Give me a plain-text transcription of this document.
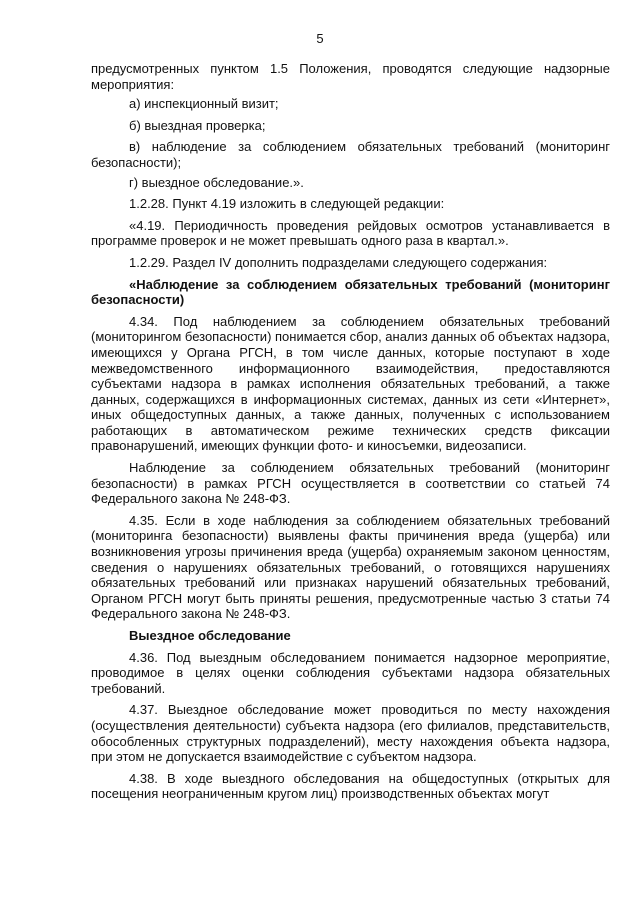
5

предусмотренных пунктом 1.5 Положения, проводятся следующие надзорные мероприятия:

а) инспекционный визит;

б) выездная проверка;

в) наблюдение за соблюдением обязательных требований (мониторинг безопасности);

г) выездное обследование.».

1.2.28. Пункт 4.19 изложить в следующей редакции:

«4.19. Периодичность проведения рейдовых осмотров устанавливается в программе проверок и не может превышать одного раза в квартал.».

1.2.29. Раздел IV дополнить подразделами следующего содержания:

«Наблюдение за соблюдением обязательных требований (мониторинг безопасности)

4.34. Под наблюдением за соблюдением обязательных требований (мониторингом безопасности) понимается сбор, анализ данных об объектах надзора, имеющихся у Органа РГСН, в том числе данных, которые поступают в ходе межведомственного информационного взаимодействия, предоставляются субъектами надзора в рамках исполнения обязательных требований, а также данных, содержащихся в информационных системах, данных из сети «Интернет», иных общедоступных данных, а также данных, полученных с использованием работающих в автоматическом режиме технических средств фиксации правонарушений, имеющих функции фото- и киносъемки, видеозаписи.

Наблюдение за соблюдением обязательных требований (мониторинг безопасности) в рамках РГСН осуществляется в соответствии со статьей 74 Федерального закона № 248-ФЗ.

4.35. Если в ходе наблюдения за соблюдением обязательных требований (мониторинга безопасности) выявлены факты причинения вреда (ущерба) или возникновения угрозы причинения вреда (ущерба) охраняемым законом ценностям, сведения о нарушениях обязательных требований, о готовящихся нарушениях обязательных требований или признаках нарушений обязательных требований, Органом РГСН могут быть приняты решения, предусмотренные частью 3 статьи 74 Федерального закона № 248-ФЗ.

Выездное обследование

4.36. Под выездным обследованием понимается надзорное мероприятие, проводимое в целях оценки соблюдения субъектами надзора обязательных требований.

4.37. Выездное обследование может проводиться по месту нахождения (осуществления деятельности) субъекта надзора (его филиалов, представительств, обособленных структурных подразделений), месту нахождения объекта надзора, при этом не допускается взаимодействие с субъектом надзора.

4.38. В ходе выездного обследования на общедоступных (открытых для посещения неограниченным кругом лиц) производственных объектах могут
